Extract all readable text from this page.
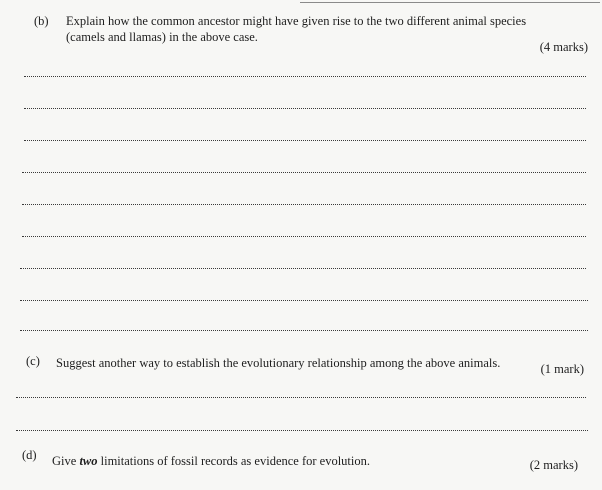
(b) Explain how the common ancestor might have given rise to the two different animal species
(camels and llamas) in the above case.
(4 marks)
(c) Suggest another way to establish the evolutionary relationship among the above animals.	(1 mark)
(d) Give two limitations of fossil records as evidence for evolution.	(2 marks)
